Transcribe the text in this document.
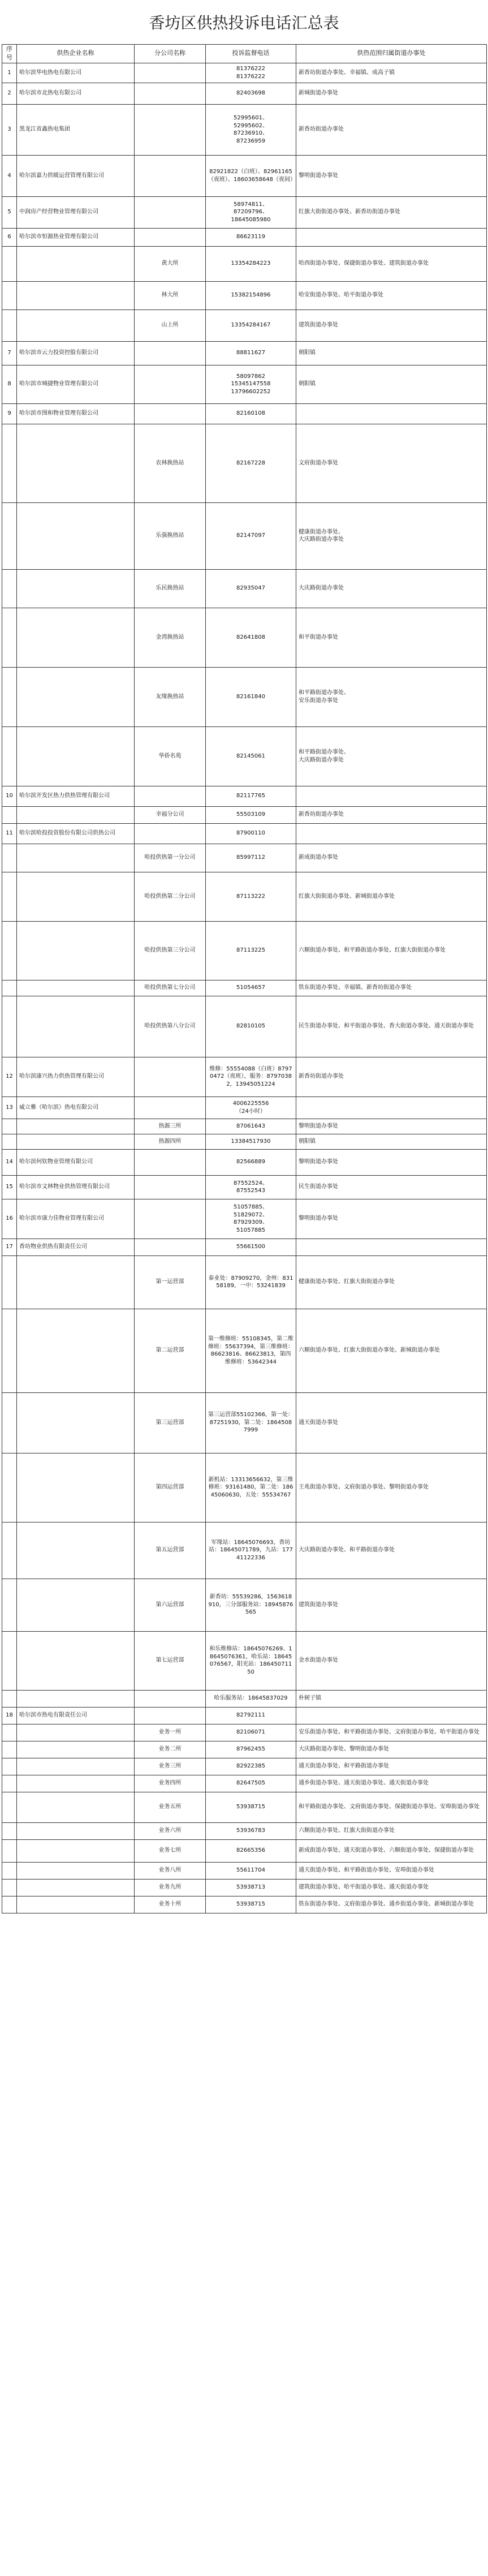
香坊区供热投诉电话汇总表
序号	供热企业名称	分公司名称	投诉监督电话	供热范围归属街道办事处
1	哈尔滨华电热电有限公司		81376222
81376222	新香坊街道办事处、幸福镇、成高子镇
2	哈尔滨市北热电有限公司		82403698	新城街道办事处
3	黑龙江省鑫热电集团		52995601、
52995602、
87236910、
87236959	新香坊街道办事处
4	哈尔滨嘉力供暖运营管理有限公司		82921822（白班）、82961165（夜班）、18603658648（夜间）	黎明街道办事处
5	中润房产经营物业管理有限公司		58974811、
87209796、
18645085980	红旗大街街道办事处、新香坊街道办事处
6	哈尔滨市恒源热业管理有限公司		86623119	
		黄大所	13354284223	哈西街道办事处、保捷街道办事处、建筑街道办事处
		林大所	15382154896	哈安街道办事处、哈平街道办事处
		山上所	13354284167	建筑街道办事处
7	哈尔滨市云力投资控股有限公司		88811627	朝阳镇
8	哈尔滨市城捷物业管理有限公司		58097862
15345147558
13796602252	朝阳镇
9	哈尔滨市图和物业管理有限公司		82160108	
		农林换热站	82167228	文府街道办事处
		乐强换热站	82147097	健康街道办事处、
大庆路街道办事处
		乐民换热站	82935047	大庆路街道办事处
		金湾换热站	82641808	和平街道办事处
		友缘换热站	82161840	和平路街道办事处、
安乐街道办事处
		华侨名苑	82145061	和平路街道办事处、
大庆路街道办事处
10	哈尔滨开发区热力供热管理有限公司		82117765	
		幸福分公司	55503109	新香坊街道办事处
11	哈尔滨哈投投资股份有限公司供热公司		87900110	
		哈投供热第一分公司	85997112	新成街道办事处
		哈投供热第二分公司	87113222	红旗大街街道办事处、新城街道办事处
		哈投供热第三分公司	87113225	六顺街道办事处、和平路街道办事处、红旗大街街道办事处
		哈投供热第七分公司	51054657	铁东街道办事处、幸福镇、新香坊街道办事处
		哈投供热第八分公司	82810105	民生街道办事处、和平街道办事处、香大街道办事处、通天街道办事处
12	哈尔滨康兴热力供热管理有限公司		维修：55554088（白班）87970472（夜班），服务：87970382，13945051224	新香坊街道办事处
13	威立雅（哈尔滨）热电有限公司		4006225556
（24小时）	
		热源三所	87061643	黎明街道办事处
		热源四所	13384517930	朝阳镇
14	哈尔滨何钦物业管理有限公司		82566889	黎明街道办事处
15	哈尔滨市文林物业供热管理有限公司		87552524、
87552543	民生街道办事处
16	哈尔滨市康力佳物业管理有限公司		51057885、
51829072、
87929309、
51057885	黎明街道办事处
17	香坊物业供热有限责任公司		55661500	
		第一运营部	泰业处：87909270，金州：83158189，一中：53241839	健康街道办事处、红旗大街街道办事处
		第二运营部	第一维修班：55108345，第二维修班：55637394，第三维修班：86623816、86623813，第四维修班：53642344	六顺街道办事处、红旗大街街道办事处、新城街道办事处
		第三运营部	第三运营部55102366，第一处：87251930，第二处：18645087999	通天街道办事处
		第四运营部	新机站：13313656632，第三维修班：93161480，第二处：18645060630，五处：55534767	王兆街道办事处、文府街道办事处、黎明街道办事处
		第五运营部	军缘站：18645076693，香坊站：18645071789，九站：17741122336	大庆路街道办事处、和平路街道办事处
		第六运营部	新香坊：55539286，1563618910，三分部服务站：18945876565	建筑街道办事处
		第七运营部	和乐维修站：18645076269、18645076361，哈乐站：18645076567，阳光站：18645071150	金水街道办事处
			哈乐服务站：18645837029	朴树子镇
18	哈尔滨市热电有限责任公司		82792111	
		业务一所	82106071	安乐街道办事处、和平路街道办事处、文府街道办事处、哈平街道办事处
		业务二所	87962455	大庆路街道办事处、黎明街道办事处
		业务三所	82922385	通天街道办事处、和平路街道办事处
		业务四所	82647505	通乡街道办事处、通天街道办事处、通天街道办事处
		业务五所	53938715	和平路街道办事处、文府街道办事处、保捷街道办事处、安埠街道办事处
		业务六所	53936783	六顺街道办事处、红旗大街街道办事处
		业务七所	82665356	新成街道办事处、通天街道办事处、六顺街道办事处、保捷街道办事处
		业务八所	55611704	通天街道办事处、和平路街道办事处、安埠街道办事处
		业务九所	53938713	建筑街道办事处、哈平街道办事处、通天街道办事处
		业务十所	53938715	铁东街道办事处、文府街道办事处、通乡街道办事处、新城街道办事处
